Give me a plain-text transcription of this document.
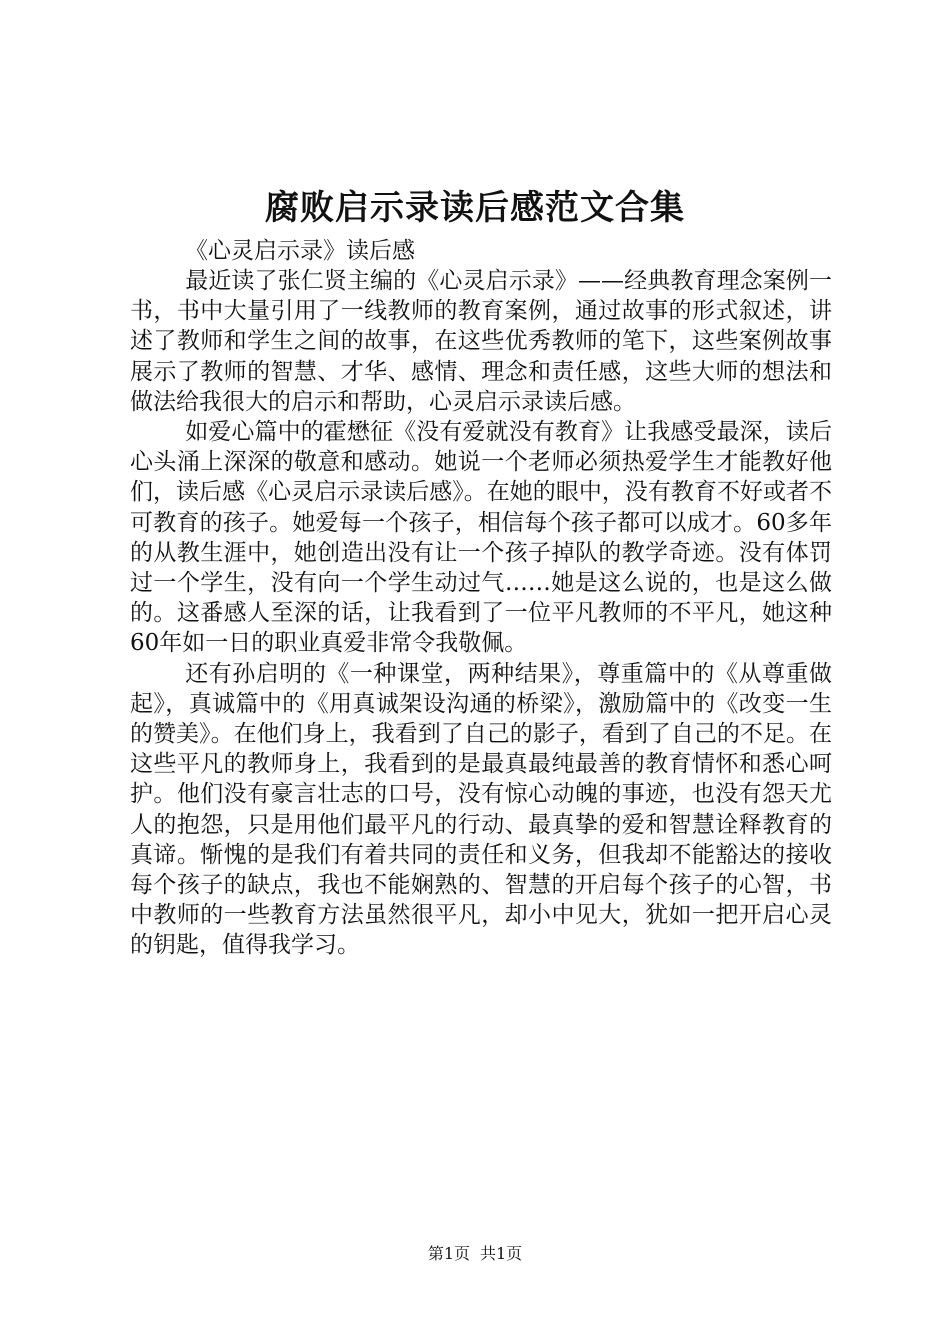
腐败启示录读后感范文合集

《心灵启示录》读后感

最近读了张仁贤主编的《心灵启示录》——经典教育理念案例一书，书中大量引用了一线教师的教育案例，通过故事的形式叙述，讲述了教师和学生之间的故事，在这些优秀教师的笔下，这些案例故事展示了教师的智慧、才华、感情、理念和责任感，这些大师的想法和做法给我很大的启示和帮助，心灵启示录读后感。

如爱心篇中的霍懋征《没有爱就没有教育》让我感受最深，读后心头涌上深深的敬意和感动。她说一个老师必须热爱学生才能教好他们，读后感《心灵启示录读后感》。在她的眼中，没有教育不好或者不可教育的孩子。她爱每一个孩子，相信每个孩子都可以成才。60多年的从教生涯中，她创造出没有让一个孩子掉队的教学奇迹。没有体罚过一个学生，没有向一个学生动过气……她是这么说的，也是这么做的。这番感人至深的话，让我看到了一位平凡教师的不平凡，她这种60年如一日的职业真爱非常令我敬佩。

还有孙启明的《一种课堂，两种结果》，尊重篇中的《从尊重做起》，真诚篇中的《用真诚架设沟通的桥梁》，激励篇中的《改变一生的赞美》。在他们身上，我看到了自己的影子，看到了自己的不足。在这些平凡的教师身上，我看到的是最真最纯最善的教育情怀和悉心呵护。他们没有豪言壮志的口号，没有惊心动魄的事迹，也没有怨天尤人的抱怨，只是用他们最平凡的行动、最真挚的爱和智慧诠释教育的真谛。惭愧的是我们有着共同的责任和义务，但我却不能豁达的接收每个孩子的缺点，我也不能娴熟的、智慧的开启每个孩子的心智，书中教师的一些教育方法虽然很平凡，却小中见大，犹如一把开启心灵的钥匙，值得我学习。

第1页 共1页
